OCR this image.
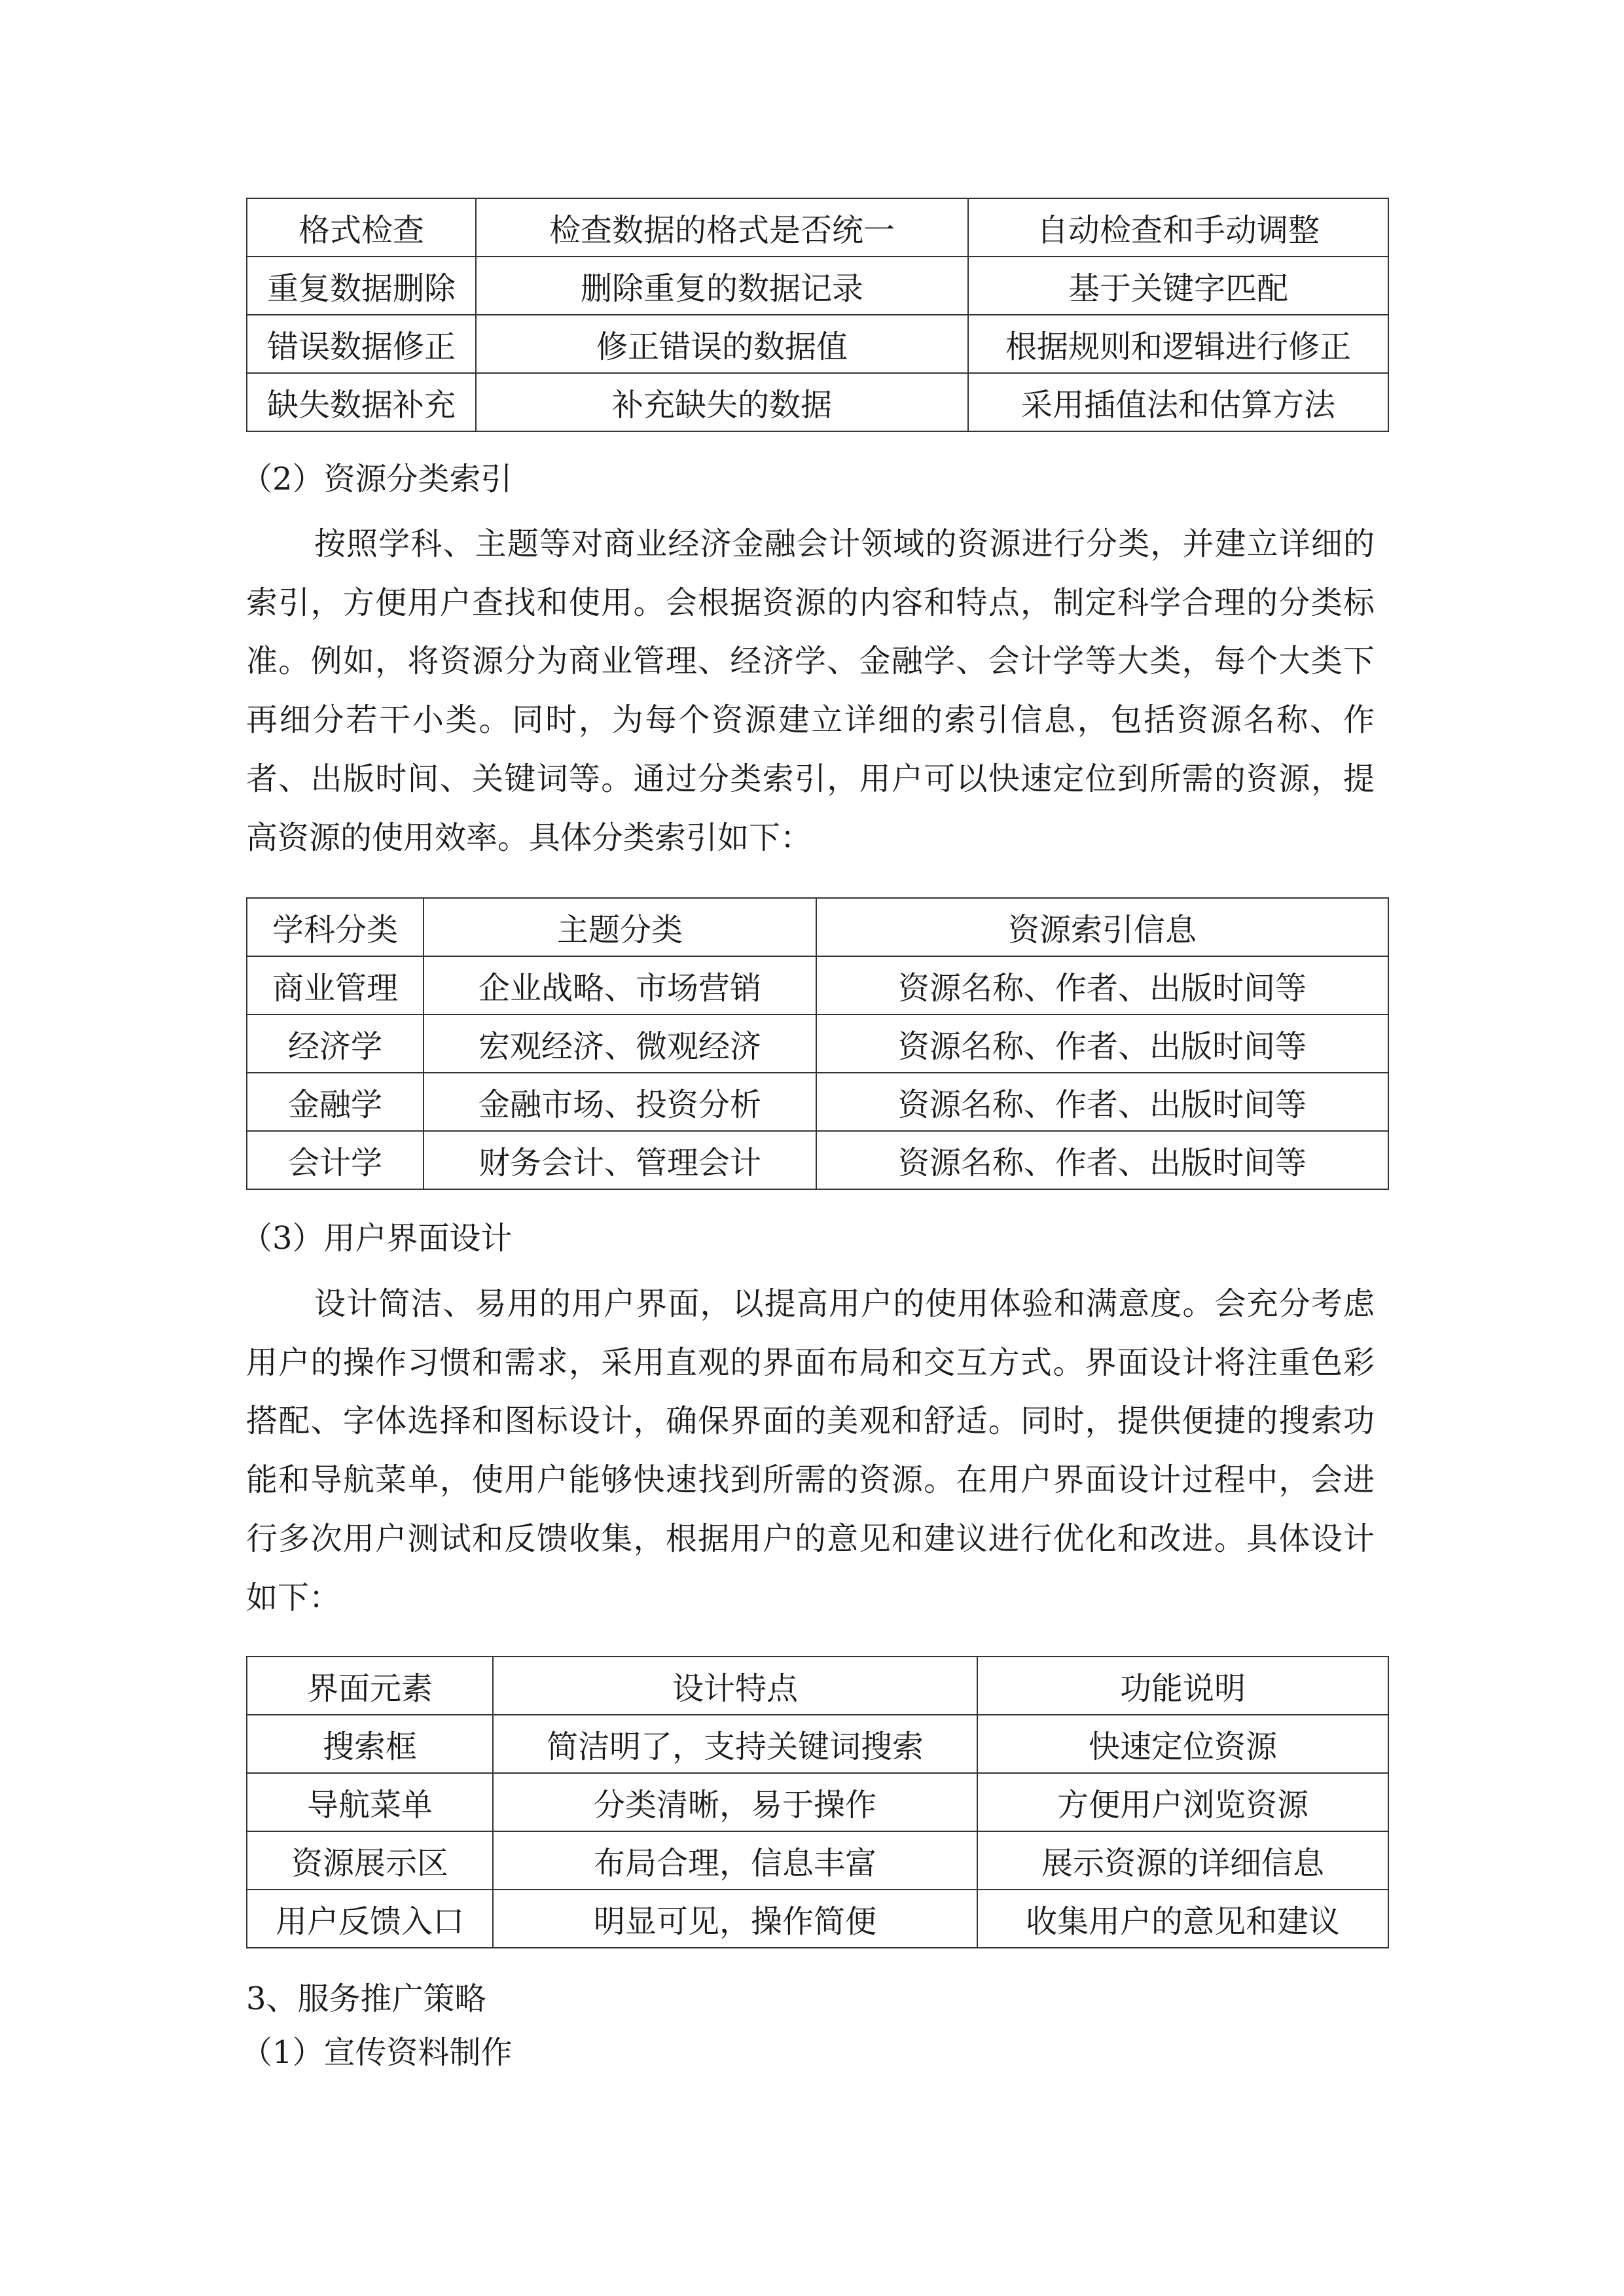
格式检查	检查数据的格式是否统一	自动检查和手动调整
重复数据删除	删除重复的数据记录	基于关键字匹配
错误数据修正	修正错误的数据值	根据规则和逻辑进行修正
缺失数据补充	补充缺失的数据	采用插值法和估算方法
（2）资源分类索引

按照学科、主题等对商业经济金融会计领域的资源进行分类，并建立详细的索引，方便用户查找和使用。会根据资源的内容和特点，制定科学合理的分类标准。例如，将资源分为商业管理、经济学、金融学、会计学等大类，每个大类下再细分若干小类。同时，为每个资源建立详细的索引信息，包括资源名称、作者、出版时间、关键词等。通过分类索引，用户可以快速定位到所需的资源，提高资源的使用效率。具体分类索引如下：

学科分类	主题分类	资源索引信息
商业管理	企业战略、市场营销	资源名称、作者、出版时间等
经济学	宏观经济、微观经济	资源名称、作者、出版时间等
金融学	金融市场、投资分析	资源名称、作者、出版时间等
会计学	财务会计、管理会计	资源名称、作者、出版时间等
（3）用户界面设计

设计简洁、易用的用户界面，以提高用户的使用体验和满意度。会充分考虑用户的操作习惯和需求，采用直观的界面布局和交互方式。界面设计将注重色彩搭配、字体选择和图标设计，确保界面的美观和舒适。同时，提供便捷的搜索功能和导航菜单，使用户能够快速找到所需的资源。在用户界面设计过程中，会进行多次用户测试和反馈收集，根据用户的意见和建议进行优化和改进。具体设计如下：

界面元素	设计特点	功能说明
搜索框	简洁明了，支持关键词搜索	快速定位资源
导航菜单	分类清晰，易于操作	方便用户浏览资源
资源展示区	布局合理，信息丰富	展示资源的详细信息
用户反馈入口	明显可见，操作简便	收集用户的意见和建议
3、服务推广策略
（1）宣传资料制作
